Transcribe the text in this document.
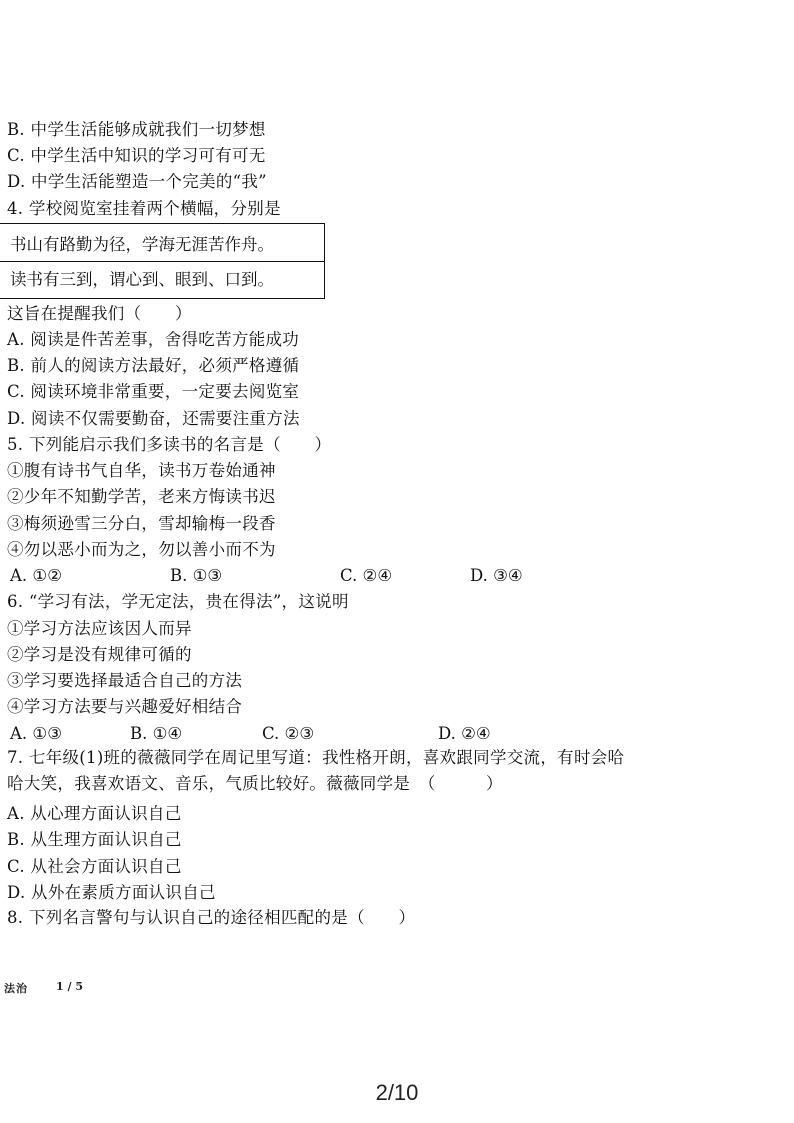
B. 中学生活能够成就我们一切梦想
C. 中学生活中知识的学习可有可无
D. 中学生活能塑造一个完美的“我”
4. 学校阅览室挂着两个横幅，分别是
书山有路勤为径，学海无涯苦作舟。
读书有三到，谓心到、眼到、口到。
这旨在提醒我们（　　）
A. 阅读是件苦差事，舍得吃苦方能成功
B. 前人的阅读方法最好，必须严格遵循
C. 阅读环境非常重要，一定要去阅览室
D. 阅读不仅需要勤奋，还需要注重方法
5. 下列能启示我们多读书的名言是（　　）
①腹有诗书气自华，读书万卷始通神
②少年不知勤学苦，老来方悔读书迟
③梅须逊雪三分白，雪却输梅一段香
④勿以恶小而为之，勿以善小而不为
A. ①②	B. ①③	C. ②④	D. ③④
6. “学习有法，学无定法，贵在得法”，这说明
①学习方法应该因人而异
②学习是没有规律可循的
③学习要选择最适合自己的方法
④学习方法要与兴趣爱好相结合
A. ①③	B. ①④	C. ②③	D. ②④
7. 七年级(1)班的薇薇同学在周记里写道：我性格开朗，喜欢跟同学交流，有时会哈
哈大笑，我喜欢语文、音乐，气质比较好。薇薇同学是　（　　　）
A. 从心理方面认识自己
B. 从生理方面认识自己
C. 从社会方面认识自己
D. 从外在素质方面认识自己
8. 下列名言警句与认识自己的途径相匹配的是（　　）
法治	1 / 5
2/10
